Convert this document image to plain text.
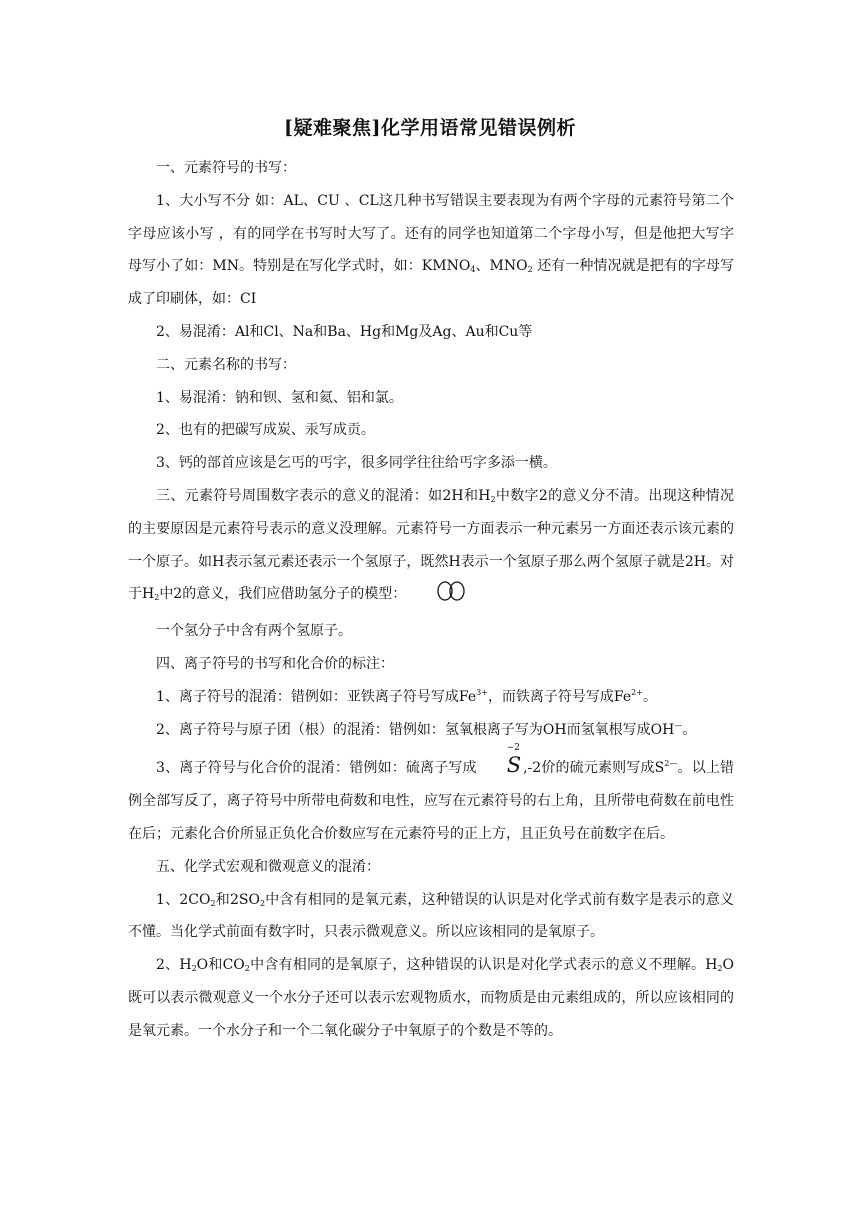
[疑难聚焦]化学用语常见错误例析

一、元素符号的书写：

1、大小写不分 如：AL、CU 、CL这几种书写错误主要表现为有两个字母的元素符号第二个字母应该小写 ，有的同学在书写时大写了。还有的同学也知道第二个字母小写，但是他把大写字母写小了如：MN。特别是在写化学式时，如：$KMNO_4$、$MNO_2$ 还有一种情况就是把有的字母写成了印刷体，如：CI

2、易混淆：Al和Cl、Na和Ba、Hg和Mg及Ag、Au和Cu等

二、元素名称的书写：

1、易混淆：钠和钡、氢和氦、铝和氯。

2、也有的把碳写成炭、汞写成贡。

3、钙的部首应该是乞丐的丐字，很多同学往往给丐字多添一横。

三、元素符号周围数字表示的意义的混淆：如2H和$H_2$中数字2的意义分不清。出现这种情况的主要原因是元素符号表示的意义没理解。元素符号一方面表示一种元素另一方面还表示该元素的一个原子。如H表示氢元素还表示一个氢原子，既然H表示一个氢原子那么两个氢原子就是2H。对于$H_2$中2的意义，我们应借助氢分子的模型：

一个氢分子中含有两个氢原子。

四、离子符号的书写和化合价的标注：

1、离子符号的混淆：错例如：亚铁离子符号写成$Fe^{3+}$，而铁离子符号写成$Fe^{2+}$。

2、离子符号与原子团（根）的混淆：错例如：氢氧根离子写为OH而氢氧根写成OH—。

3、离子符号与化合价的混淆：错例如：硫离子写成
−2
S ,-2价的硫元素则写成$S^{2—}$。以上错例全部写反了，离子符号中所带电荷数和电性，应写在元素符号的右上角，且所带电荷数在前电性在后；元素化合价所显正负化合价数应写在元素符号的正上方，且正负号在前数字在后。

五、化学式宏观和微观意义的混淆：

1、$2CO_2$和$2SO_2$中含有相同的是氧元素，这种错误的认识是对化学式前有数字是表示的意义不懂。当化学式前面有数字时，只表示微观意义。所以应该相同的是氧原子。

2、$H_2O$和$CO_2$中含有相同的是氧原子，这种错误的认识是对化学式表示的意义不理解。$H_2O$既可以表示微观意义一个水分子还可以表示宏观物质水，而物质是由元素组成的，所以应该相同的是氧元素。一个水分子和一个二氧化碳分子中氧原子的个数是不等的。
